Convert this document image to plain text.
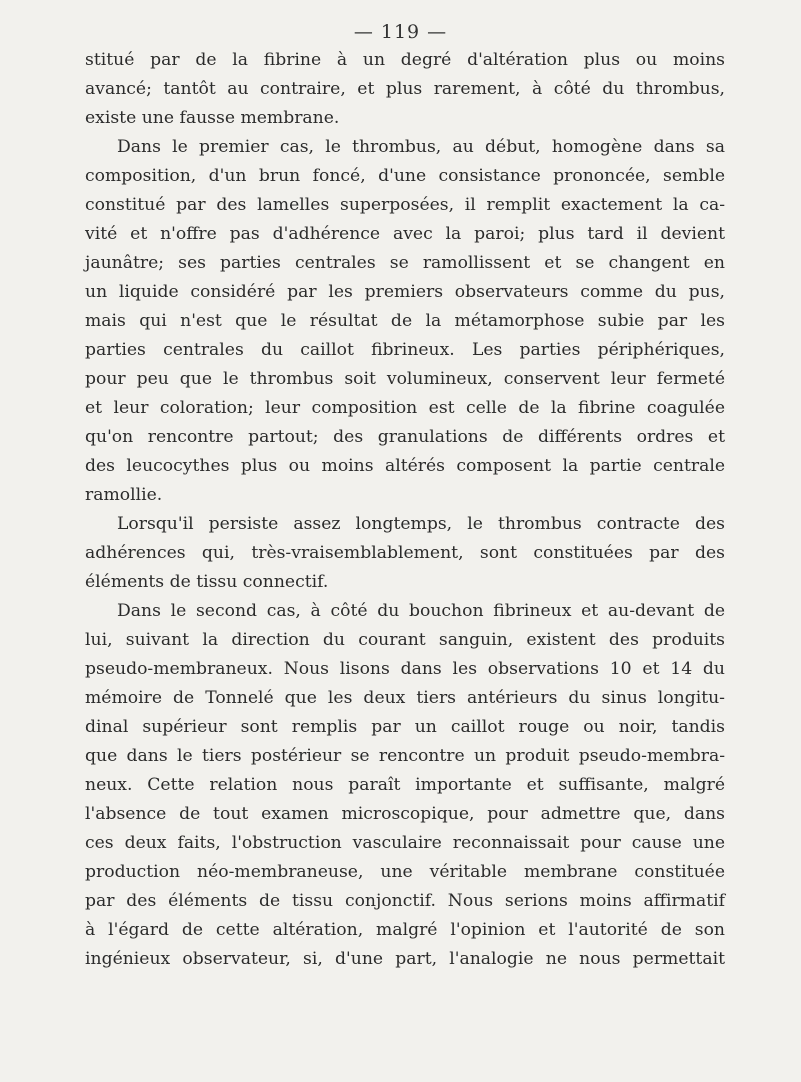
— 119 —
stitué par de la fibrine à un degré d'altération plus ou moins
avancé; tantôt au contraire, et plus rarement, à côté du thrombus,
existe une fausse membrane.
Dans le premier cas, le thrombus, au début, homogène dans sa
composition, d'un brun foncé, d'une consistance prononcée, semble
constitué par des lamelles superposées, il remplit exactement la ca-
vité et n'offre pas d'adhérence avec la paroi; plus tard il devient
jaunâtre; ses parties centrales se ramollissent et se changent en
un liquide considéré par les premiers observateurs comme du pus,
mais qui n'est que le résultat de la métamorphose subie par les
parties centrales du caillot fibrineux. Les parties périphériques,
pour peu que le thrombus soit volumineux, conservent leur fermeté
et leur coloration; leur composition est celle de la fibrine coagulée
qu'on rencontre partout; des granulations de différents ordres et
des leucocythes plus ou moins altérés composent la partie centrale
ramollie.
Lorsqu'il persiste assez longtemps, le thrombus contracte des
adhérences qui, très-vraisemblablement, sont constituées par des
éléments de tissu connectif.
Dans le second cas, à côté du bouchon fibrineux et au-devant de
lui, suivant la direction du courant sanguin, existent des produits
pseudo-membraneux. Nous lisons dans les observations 10 et 14 du
mémoire de Tonnelé que les deux tiers antérieurs du sinus longitu-
dinal supérieur sont remplis par un caillot rouge ou noir, tandis
que dans le tiers postérieur se rencontre un produit pseudo-membra-
neux. Cette relation nous paraît importante et suffisante, malgré
l'absence de tout examen microscopique, pour admettre que, dans
ces deux faits, l'obstruction vasculaire reconnaissait pour cause une
production néo-membraneuse, une véritable membrane constituée
par des éléments de tissu conjonctif. Nous serions moins affirmatif
à l'égard de cette altération, malgré l'opinion et l'autorité de son
ingénieux observateur, si, d'une part, l'analogie ne nous permettait
